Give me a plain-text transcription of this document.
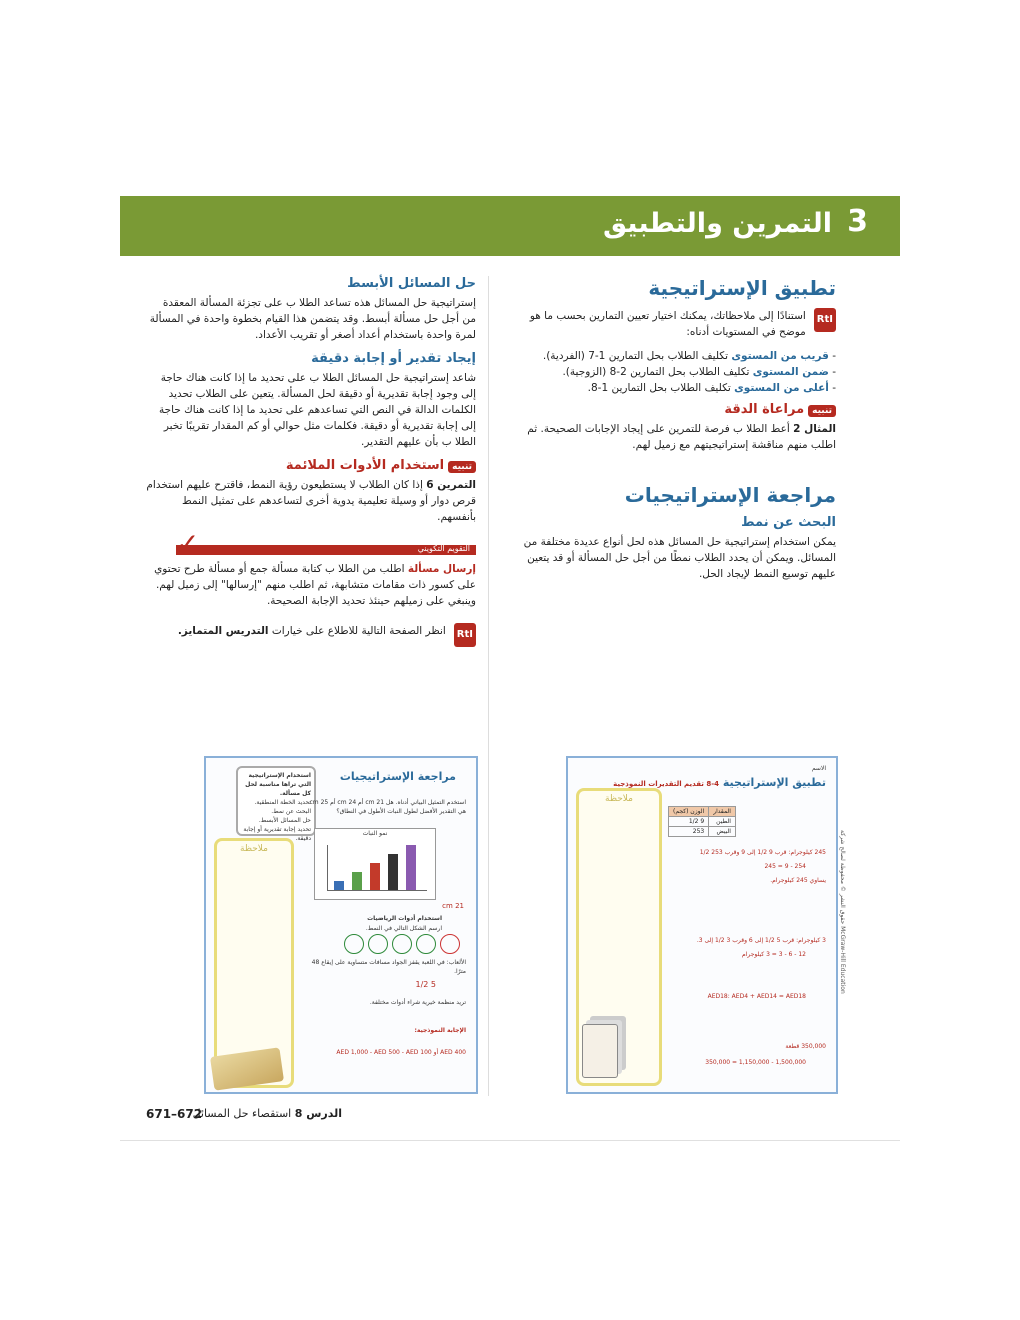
3
التمرين والتطبيق
تطبيق الإستراتيجية

RtI
استنادًا إلى ملاحظاتك، يمكنك اختيار تعيين التمارين بحسب ما هو موضح في المستويات أدناه:

- قريب من المستوى تكليف الطلاب بحل التمارين 1-7 (الفردية).
- ضمن المستوى تكليف الطلاب بحل التمارين 2-8 (الزوجية).
- أعلى من المستوى تكليف الطلاب بحل التمارين 1-8.
تنبيهمراعاة الدقة

المثال 2 أعط الطلا ب فرصة للتمرين على إيجاد الإجابات الصحيحة. ثم اطلب منهم مناقشة إستراتيجيتهم مع زميل لهم.

مراجعة الإستراتيجيات
البحث عن نمط

يمكن استخدام إستراتيجية حل المسائل هذه لحل أنواع عديدة مختلفة من المسائل. ويمكن أن يحدد الطلاب نمطًا من أجل حل المسألة أو قد يتعين عليهم توسيع النمط لإيجاد الحل.

حل المسائل الأبسط

إستراتيجية حل المسائل هذه تساعد الطلا ب على تجزئة المسألة المعقدة من أجل حل مسألة أبسط. وقد يتضمن هذا القيام بخطوة واحدة في المسألة لمرة واحدة باستخدام أعداد أصغر أو تقريب الأعداد.

إيجاد تقدير أو إجابة دقيقة

شاعد إستراتيجية حل المسائل الطلا ب على تحديد ما إذا كانت هناك حاجة إلى وجود إجابة تقديرية أو دقيقة لحل المسألة. يتعين على الطلاب تحديد الكلمات الدالة في النص التي تساعدهم على تحديد ما إذا كانت هناك حاجة إلى إجابة تقديرية أو دقيقة. فكلمات مثل حوالي أو كم المقدار تقريبًا تخبر الطلا ب بأن عليهم التقدير.

تنبيهاستخدام الأدوات الملائمة

التمرين 6 إذا كان الطلاب لا يستطيعون رؤية النمط، فاقترح عليهم استخدام قرص دوار أو وسيلة تعليمية يدوية أخرى لتساعدهم على تمثيل النمط بأنفسهم.

التقويم التكويني
✓

إرسال مسألة اطلب من الطلا ب كتابة مسألة جمع أو مسألة طرح تحتوي على كسور ذات مقامات متشابهة، ثم اطلب منهم "إرسالها" إلى زميل لهم. وينبغي على زميلهم حينئذ تحديد الإجابة الصحيحة.

RtI
انظر الصفحة التالية للاطلاع على خيارات التدريس المتمايز.

مراجعة الإستراتيجيات
استخدام الإستراتيجية التي تراها مناسبة لحل كل مسألة.
تحديد الخطة المنطقية.
البحث عن نمط.
حل المسائل الأبسط.
تحديد إجابة تقديرية أو إجابة دقيقة.
ملاحظة
استخدم التمثيل البياني أدناه. هل 21 cm أم 24 cm أم 25 cm هي التقدير الأفضل لطول النبات الأطول في النطاق؟
نمو النبات
21 cm
استخدام أدوات الرياضيات
ارسم الشكل التالي في النمط.
الألعاب: في اللعبة يقفز الجواد مسافات متساوية على إيقاع 48 مترًا.
5 1/2
تريد منظمة خيرية شراء أدوات مختلفة.
الإجابة النموذجية:
AED 400 أو AED 1,000 - AED 500 - AED 100
الاسم
تطبيق الإستراتيجية 4-8 تقديم التقديرات النموذجية
ملاحظة
المقدار	الوزن (كجم)
الطين	9 1/2
البيض	253
245 كيلوجرام: قرب 9 1/2 إلى 9 وقرب 253 1/2
254 - 9 = 245
يساوي 245 كيلوجرام.
3 كيلوجرام: قرب 5 1/2 إلى 6 وقرب 3 1/2 إلى 3.
12 - 6 - 3 = 3 كيلوجرام
AED18: AED4 + AED14 = AED18
350,000 قطعة
1,500,000 - 1,150,000 = 350,000
حقوق النشر © محفوظة لصالح شركة McGraw-Hill Education
الدرس 8 استقصاء حل المسائل
671–672
